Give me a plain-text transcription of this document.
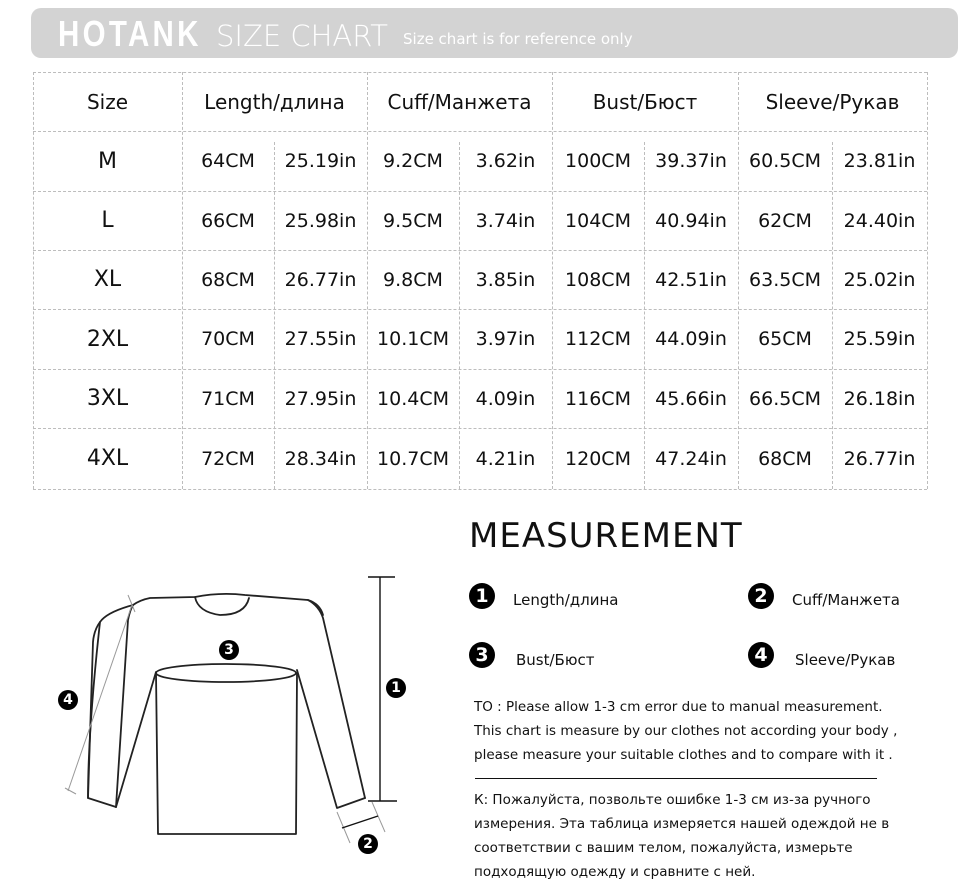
HOTANK SIZE CHART Size chart is for reference only
Size	Length/длина	Cuff/Манжета	Bust/Бюст	Sleeve/Рукав
M	64CM	25.19in	9.2CM	3.62in	100CM	39.37in	60.5CM	23.81in
L	66CM	25.98in	9.5CM	3.74in	104CM	40.94in	62CM	24.40in
XL	68CM	26.77in	9.8CM	3.85in	108CM	42.51in	63.5CM	25.02in
2XL	70CM	27.55in	10.1CM	3.97in	112CM	44.09in	65CM	25.59in
3XL	71CM	27.95in	10.4CM	4.09in	116CM	45.66in	66.5CM	26.18in
4XL	72CM	28.34in	10.7CM	4.21in	120CM	47.24in	68CM	26.77in
4
3
1
2
MEASUREMENT
1	Length/длина	2	Cuff/Манжета
3	Bust/Бюст	4	Sleeve/Рукав
TO : Please allow 1-3 cm error due to manual measurement.
This chart is measure by our clothes not according your body ,
please measure your suitable clothes and to compare with it .
К: Пожалуйста, позвольте ошибке 1-3 см из-за ручного
измерения. Эта таблица измеряется нашей одеждой не в
соответствии с вашим телом, пожалуйста, измерьте
подходящую одежду и сравните с ней.
